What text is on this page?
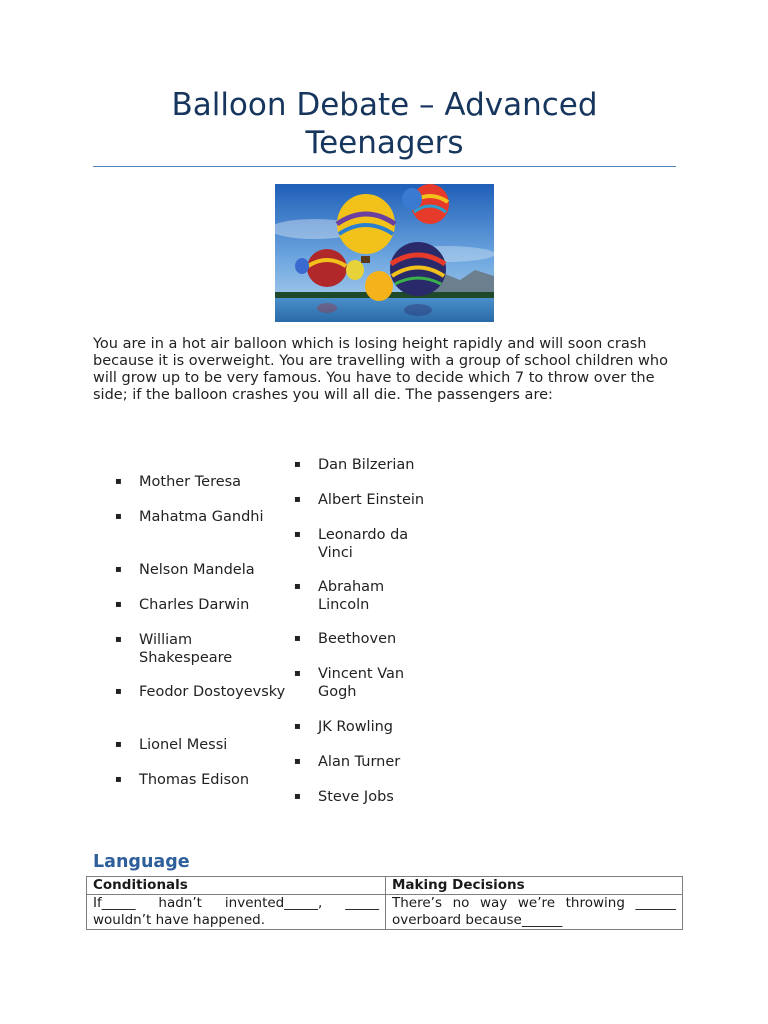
Balloon Debate – Advanced Teenagers
You are in a hot air balloon which is losing height rapidly and will soon crash because it is overweight. You are travelling with a group of school children who will grow up to be very famous. You have to decide which 7 to throw over the side; if the balloon crashes you will all die. The passengers are:
▪ Mother Teresa
▪ Mahatma Gandhi
▪ Nelson Mandela
▪ Charles Darwin
▪ William Shakespeare
▪ Feodor Dostoyevsky
▪ Lionel Messi
▪ Thomas Edison
▪ Dan Bilzerian
▪ Albert Einstein
▪ Leonardo da Vinci
▪ Abraham Lincoln
▪ Beethoven
▪ Vincent Van Gogh
▪ JK Rowling
▪ Alan Turner
▪ Steve Jobs
Language
Conditionals	Making Decisions
If_____ hadn’t invented_____, _____ wouldn’t have happened.	There’s no way we’re throwing ______ overboard because______
